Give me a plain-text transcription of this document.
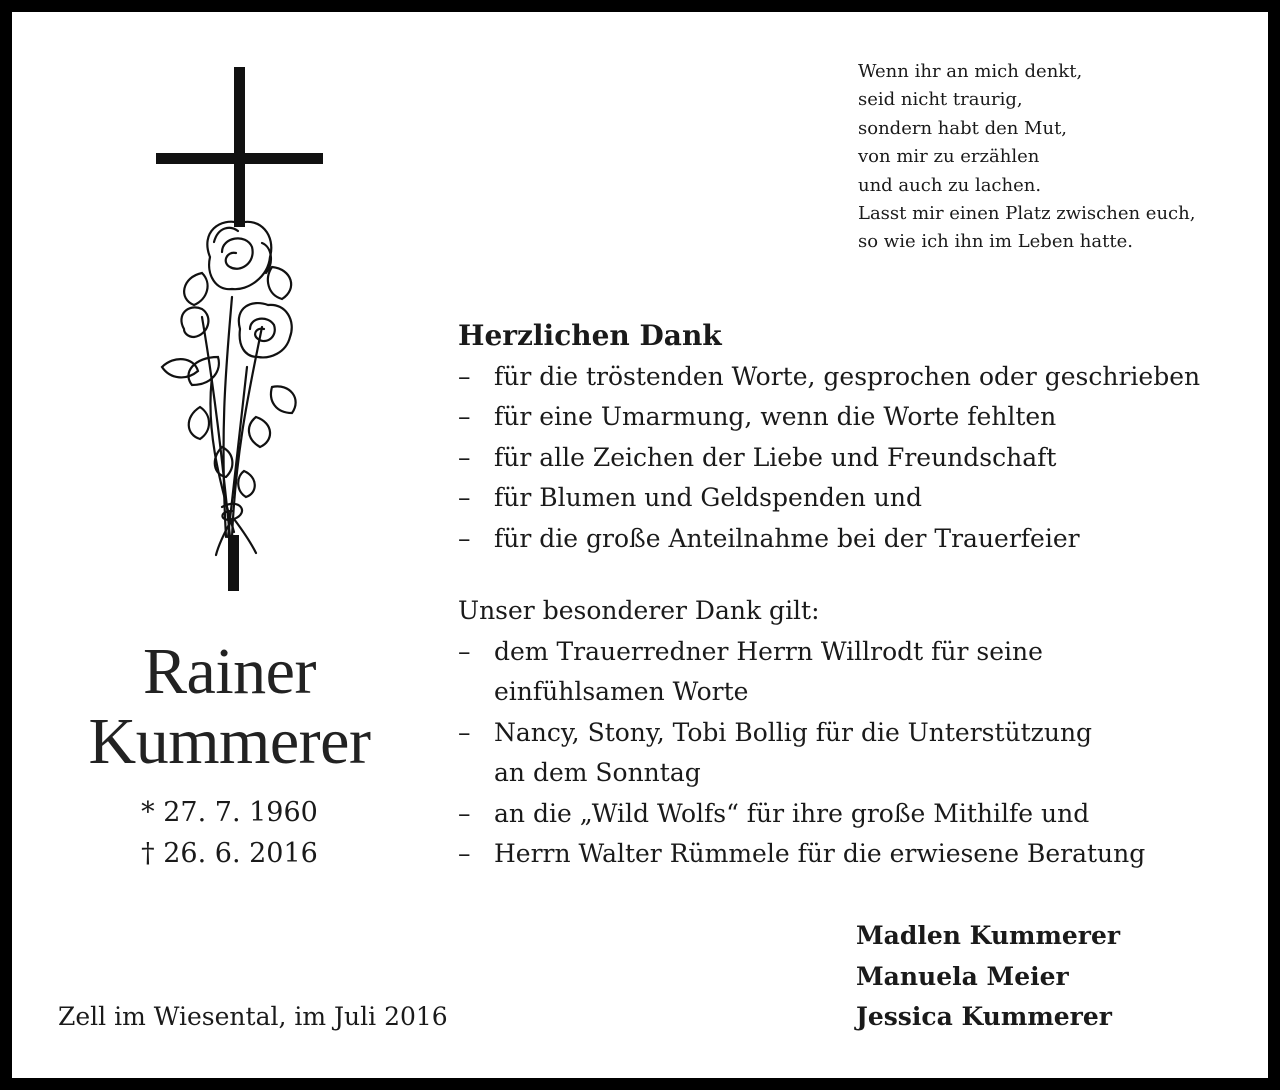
Wenn ihr an mich denkt,
seid nicht traurig,
sondern habt den Mut,
von mir zu erzählen
und auch zu lachen.
Lasst mir einen Platz zwischen euch,
so wie ich ihn im Leben hatte.
Herzlichen Dank
– für die tröstenden Worte, gesprochen oder geschrieben
– für eine Umarmung, wenn die Worte fehlten
– für alle Zeichen der Liebe und Freundschaft
– für Blumen und Geldspenden und
– für die große Anteilnahme bei der Trauerfeier
Unser besonderer Dank gilt:
– dem Trauerredner Herrn Willrodt für seine
einfühlsamen Worte
– Nancy, Stony, Tobi Bollig für die Unterstützung
an dem Sonntag
– an die „Wild Wolfs“ für ihre große Mithilfe und
– Herrn Walter Rümmele für die erwiesene Beratung
Rainer
Kummerer
* 27. 7. 1960
† 26. 6. 2016
Zell im Wiesental, im Juli 2016
Madlen Kummerer
Manuela Meier
Jessica Kummerer
